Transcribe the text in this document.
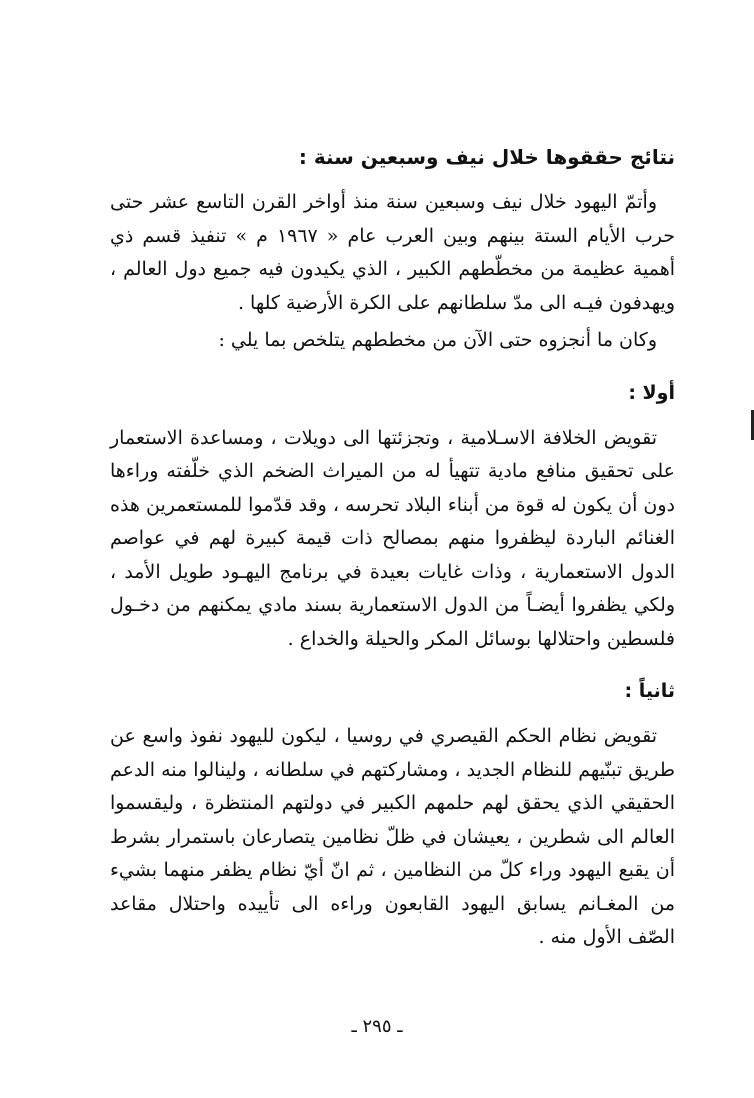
نتائج حققوها خلال نيف وسبعين سنة :

وأتمّ اليهود خلال نيف وسبعين سنة منذ أواخر القرن التاسع عشر حتى حرب الأيام الستة بينهم وبين العرب عام « ١٩٦٧ م » تنفيذ قسم ذي أهمية عظيمة من مخطّطهم الكبير ، الذي يكيدون فيه جميع دول العالم ، ويهدفون فيـه الى مدّ سلطانهم على الكرة الأرضية كلها .

وكان ما أنجزوه حتى الآن من مخططهم يتلخص بما يلي :

أولا :

تقويض الخلافة الاسـلامية ، وتجزئتها الى دويلات ، ومساعدة الاستعمار على تحقيق منافع مادية تتهيأ له من الميراث الضخم الذي خلّفته وراءها دون أن يكون له قوة من أبناء البلاد تحرسه ، وقد قدّموا للمستعمرين هذه الغنائم الباردة ليظفروا منهم بمصالح ذات قيمة كبيرة لهم في عواصم الدول الاستعمارية ، وذات غايات بعيدة في برنامج اليهـود طويل الأمد ، ولكي يظفروا أيضـاً من الدول الاستعمارية بسند مادي يمكنهم من دخـول فلسطين واحتلالها بوسائل المكر والحيلة والخداع .

ثانياً :

تقويض نظام الحكم القيصري في روسيا ، ليكون لليهود نفوذ واسع عن طريق تبنّيهم للنظام الجديد ، ومشاركتهم في سلطانه ، ولينالوا منه الدعم الحقيقي الذي يحقق لهم حلمهم الكبير في دولتهم المنتظرة ، وليقسموا العالم الى شطرين ، يعيشان في ظلّ نظامين يتصارعان باستمرار بشرط أن يقبع اليهود وراء كلّ من النظامين ، ثم انّ أيّ نظام يظفر منهما بشيء من المغـانم يسابق اليهود القابعون وراءه الى تأييده واحتلال مقاعد الصّف الأول منه .

ـ ٢٩٥ ـ
